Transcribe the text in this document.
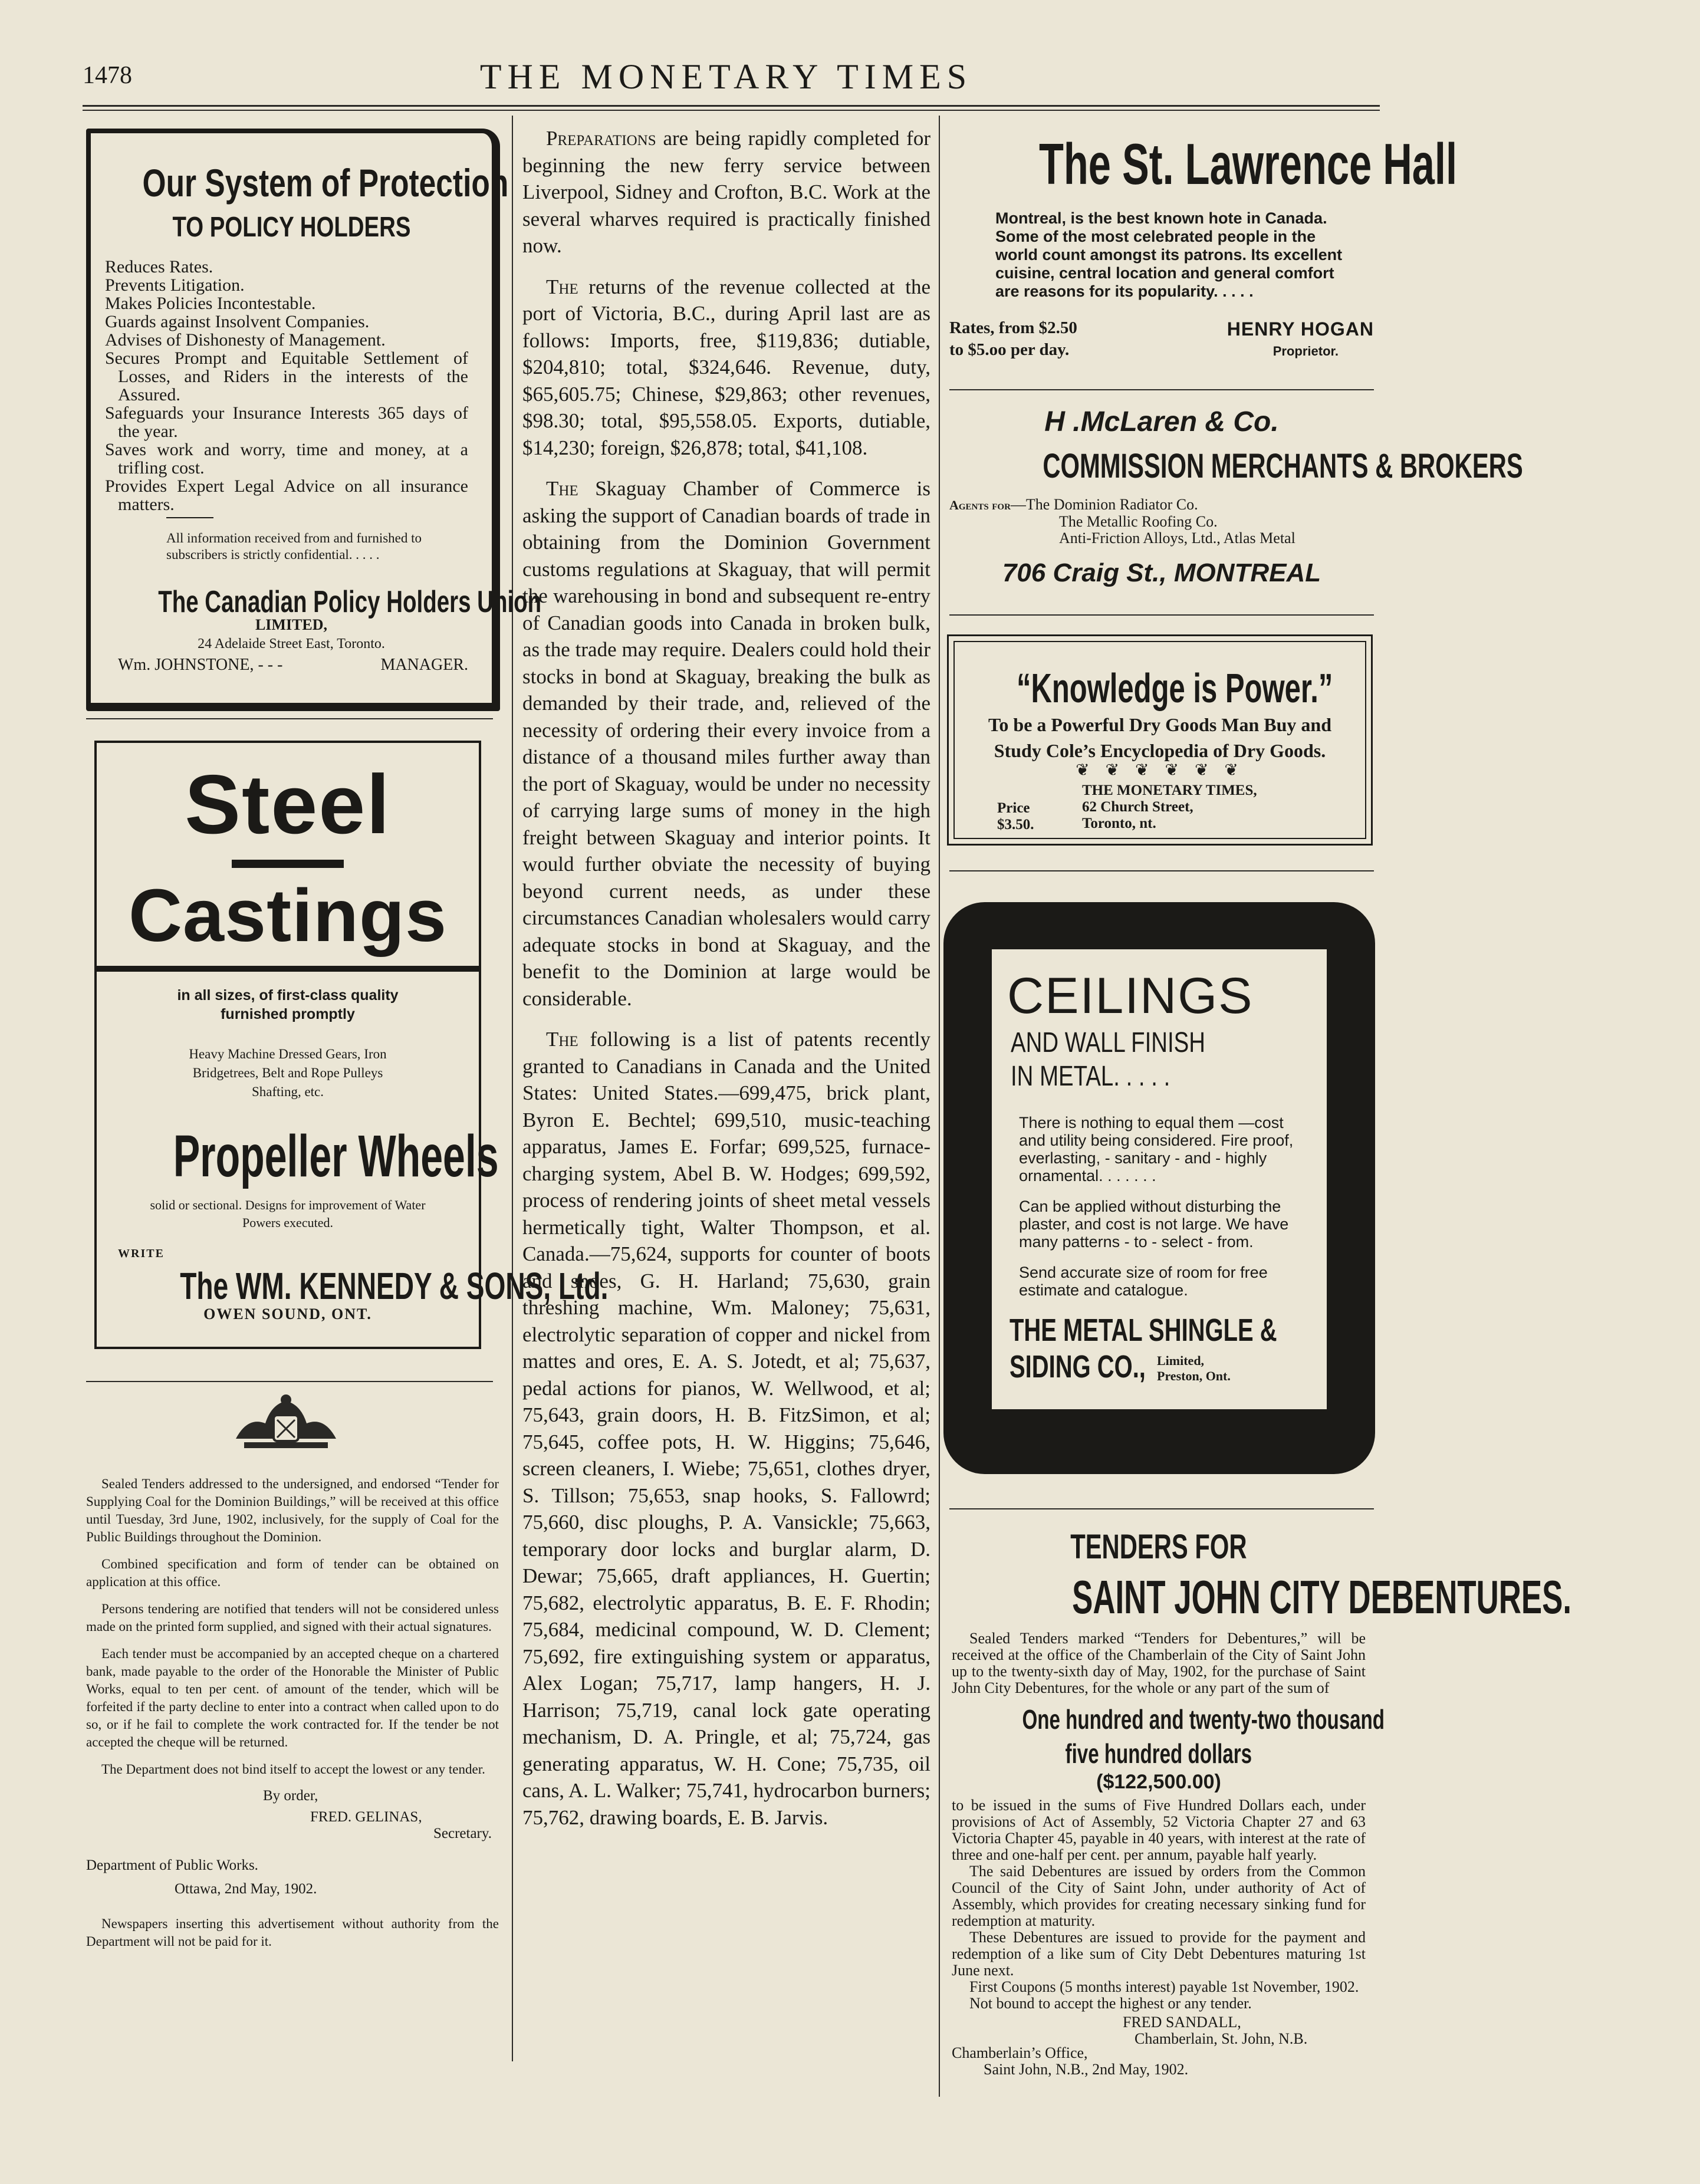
1478	THE MONETARY TIMES
Our System of Protection
TO POLICY HOLDERS

Reduces Rates.

Prevents Litigation.

Makes Policies Incontestable.

Guards against Insolvent Companies.

Advises of Dishonesty of Management.

Secures Prompt and Equitable Settlement of Losses, and Riders in the interests of the Assured.

Safeguards your Insurance Interests 365 days of the year.

Saves work and worry, time and money, at a trifling cost.

Provides Expert Legal Advice on all insurance matters.

All information received from and furnished to subscribers is strictly confidential. . . . .

The Canadian Policy Holders Union
LIMITED,
24 Adelaide Street East, Toronto.
Wm. JOHNSTONE, - - -	MANAGER.
Steel
Castings

in all sizes, of first-class quality furnished promptly

Heavy Machine Dressed Gears, Iron Bridgetrees, Belt and Rope Pulleys Shafting, etc.

Propeller Wheels

solid or sectional. Designs for improvement of Water Powers executed.

WRITE
The WM. KENNEDY & SONS, Ltd.
OWEN SOUND, ONT.

Sealed Tenders addressed to the undersigned, and endorsed “Tender for Supplying Coal for the Dominion Buildings,” will be received at this office until Tuesday, 3rd June, 1902, inclusively, for the supply of Coal for the Public Buildings throughout the Dominion.

Combined specification and form of tender can be obtained on application at this office.

Persons tendering are notified that tenders will not be considered unless made on the printed form supplied, and signed with their actual signatures.

Each tender must be accompanied by an accepted cheque on a chartered bank, made payable to the order of the Honorable the Minister of Public Works, equal to ten per cent. of amount of the tender, which will be forfeited if the party decline to enter into a contract when called upon to do so, or if he fail to complete the work contracted for. If the tender be not accepted the cheque will be returned.

The Department does not bind itself to accept the lowest or any tender.

By order,
FRED. GELINAS,
Secretary.
Department of Public Works.
Ottawa, 2nd May, 1902.

Newspapers inserting this advertisement without authority from the Department will not be paid for it.

Preparations are being rapidly completed for beginning the new ferry service between Liverpool, Sidney and Crofton, B.C. Work at the several wharves required is practically finished now.

The returns of the revenue collected at the port of Victoria, B.C., during April last are as follows: Imports, free, $119,836; dutiable, $204,810; total, $324,646. Revenue, duty, $65,605.75; Chinese, $29,863; other revenues, $98.30; total, $95,558.05. Exports, dutiable, $14,230; foreign, $26,878; total, $41,108.

The Skaguay Chamber of Commerce is asking the support of Canadian boards of trade in obtaining from the Dominion Government customs regulations at Skaguay, that will permit the warehousing in bond and subsequent re-entry of Canadian goods into Canada in broken bulk, as the trade may require. Dealers could hold their stocks in bond at Skaguay, breaking the bulk as demanded by their trade, and, relieved of the necessity of ordering their every invoice from a distance of a thousand miles further away than the port of Skaguay, would be under no necessity of carrying large sums of money in the high freight between Skaguay and interior points. It would further obviate the necessity of buying beyond current needs, as under these circumstances Canadian wholesalers would carry adequate stocks in bond at Skaguay, and the benefit to the Dominion at large would be considerable.

The following is a list of patents recently granted to Canadians in Canada and the United States: United States.—699,475, brick plant, Byron E. Bechtel; 699,510, music-teaching apparatus, James E. Forfar; 699,525, furnace-charging system, Abel B. W. Hodges; 699,592, process of rendering joints of sheet metal vessels hermetically tight, Walter Thompson, et al. Canada.—75,624, supports for counter of boots and shoes, G. H. Harland; 75,630, grain threshing machine, Wm. Maloney; 75,631, electrolytic separation of copper and nickel from mattes and ores, E. A. S. Jotedt, et al; 75,637, pedal actions for pianos, W. Wellwood, et al; 75,643, grain doors, H. B. FitzSimon, et al; 75,645, coffee pots, H. W. Higgins; 75,646, screen cleaners, I. Wiebe; 75,651, clothes dryer, S. Tillson; 75,653, snap hooks, S. Fallowrd; 75,660, disc ploughs, P. A. Vansickle; 75,663, temporary door locks and burglar alarm, D. Dewar; 75,665, draft appliances, H. Guertin; 75,682, electrolytic apparatus, B. E. F. Rhodin; 75,684, medicinal compound, W. D. Clement; 75,692, fire extinguishing system or apparatus, Alex Logan; 75,717, lamp hangers, H. J. Harrison; 75,719, canal lock gate operating mechanism, D. A. Pringle, et al; 75,724, gas generating apparatus, W. H. Cone; 75,735, oil cans, A. L. Walker; 75,741, hydrocarbon burners; 75,762, drawing boards, E. B. Jarvis.

The St. Lawrence Hall

Montreal, is the best known hote in Canada. Some of the most celebrated people in the world count amongst its patrons. Its excellent cuisine, central location and general comfort are reasons for its popularity. . . . .

Rates, from $2.50
to $5.oo per day.
HENRY HOGAN
Proprietor.
H .McLaren & Co.
COMMISSION MERCHANTS & BROKERS

Agents for—The Dominion Radiator Co.

The Metallic Roofing Co.

Anti-Friction Alloys, Ltd., Atlas Metal

706 Craig St., MONTREAL
“Knowledge is Power.”

To be a Powerful Dry Goods Man Buy and Study Cole’s Encyclopedia of Dry Goods.

❦ ❦ ❦ ❦ ❦ ❦
Price
$3.50.
THE MONETARY TIMES,
62 Church Street,
Toronto, nt.
CEILINGS
AND WALL FINISH
IN METAL. . . . .

There is nothing to equal them —cost and utility being considered. Fire proof, everlasting, - sanitary - and - highly ornamental. . . . . . .

Can be applied without disturbing the plaster, and cost is not large. We have many patterns - to - select - from.

Send accurate size of room for free estimate and catalogue.

THE METAL SHINGLE &
SIDING CO., Limited,
Preston, Ont.
TENDERS FOR
SAINT JOHN CITY DEBENTURES.

Sealed Tenders marked “Tenders for Debentures,” will be received at the office of the Chamberlain of the City of Saint John up to the twenty-sixth day of May, 1902, for the purchase of Saint John City Debentures, for the whole or any part of the sum of

One hundred and twenty-two thousand
five hundred dollars
($122,500.00)

to be issued in the sums of Five Hundred Dollars each, under provisions of Act of Assembly, 52 Victoria Chapter 27 and 63 Victoria Chapter 45, payable in 40 years, with interest at the rate of three and one-half per cent. per annum, payable half yearly.

The said Debentures are issued by orders from the Common Council of the City of Saint John, under authority of Act of Assembly, which provides for creating necessary sinking fund for redemption at maturity.

These Debentures are issued to provide for the payment and redemption of a like sum of City Debt Debentures maturing 1st June next.

First Coupons (5 months interest) payable 1st November, 1902.

Not bound to accept the highest or any tender.

FRED SANDALL,

Chamberlain, St. John, N.B.

Chamberlain’s Office,

Saint John, N.B., 2nd May, 1902.
